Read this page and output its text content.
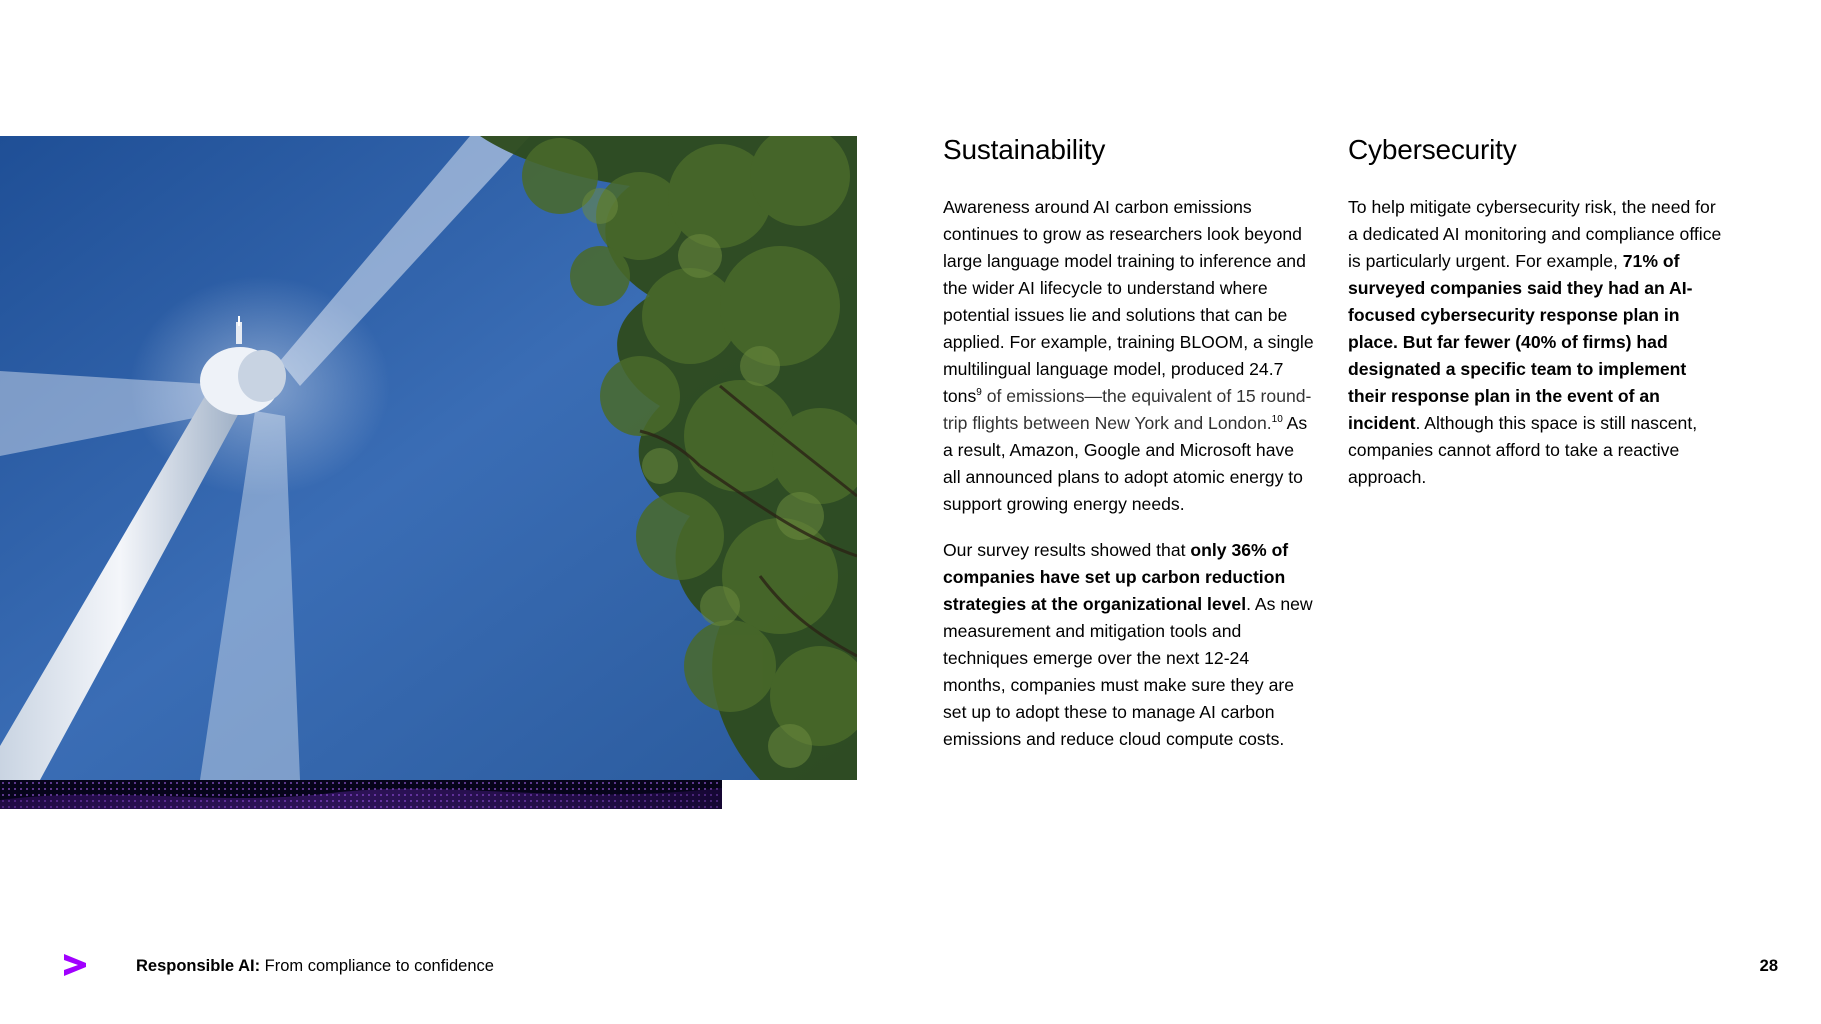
Sustainability

Awareness around AI carbon emissions continues to grow as researchers look beyond large language model training to inference and the wider AI lifecycle to understand where potential issues lie and solutions that can be applied. For example, training BLOOM, a single multilingual language model, produced 24.7 tons$^9$ of emissions—the equivalent of 15 round-trip flights between New York and London.$^{10}$ As a result, Amazon, Google and Microsoft have all announced plans to adopt atomic energy to support growing energy needs.

Our survey results showed that only 36% of companies have set up carbon reduction strategies at the organizational level. As new measurement and mitigation tools and techniques emerge over the next 12-24 months, companies must make sure they are set up to adopt these to manage AI carbon emissions and reduce cloud compute costs.

Cybersecurity

To help mitigate cybersecurity risk, the need for a dedicated AI monitoring and compliance office is particularly urgent. For example, 71% of surveyed companies said they had an AI-focused cybersecurity response plan in place. But far fewer (40% of firms) had designated a specific team to implement their response plan in the event of an incident. Although this space is still nascent, companies cannot afford to take a reactive approach.

Responsible AI: From compliance to confidence	28
